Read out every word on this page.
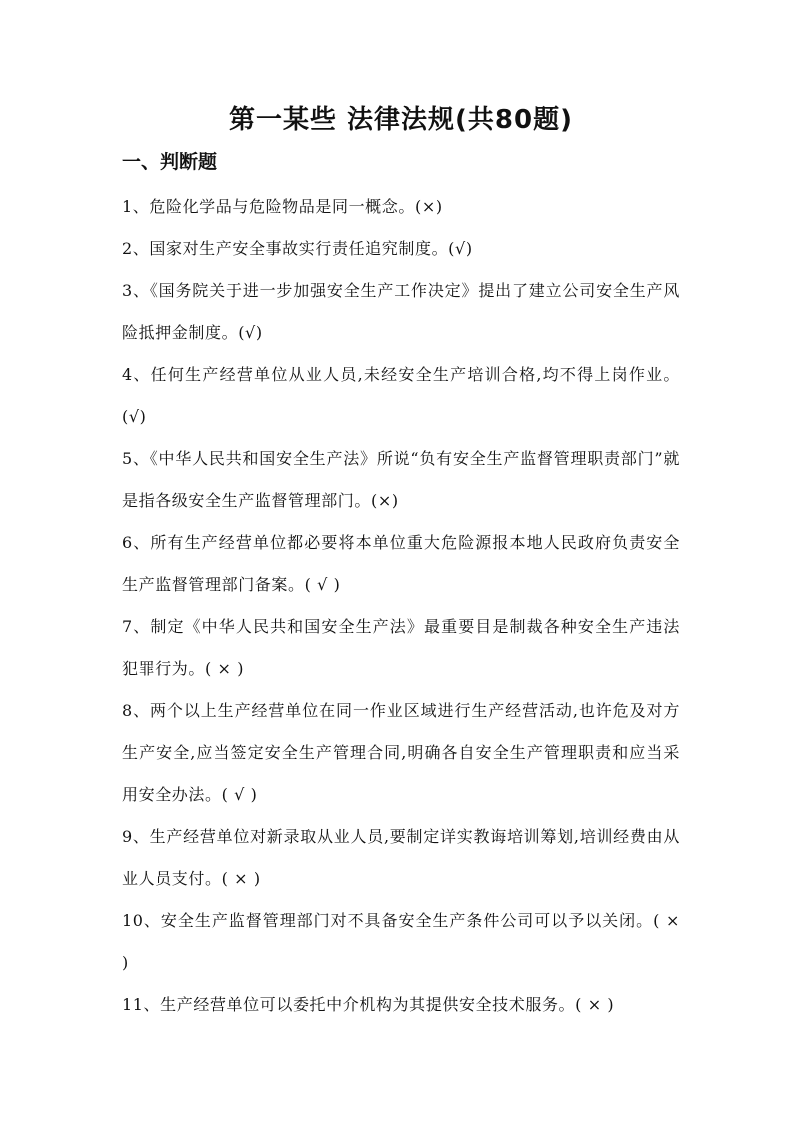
第一某些 法律法规(共80题)
一、判断题

1、危险化学品与危险物品是同一概念。(×)

2、国家对生产安全事故实行责任追究制度。(√)

3、《国务院关于进一步加强安全生产工作决定》提出了建立公司安全生产风险抵押金制度。(√)

4、任何生产经营单位从业人员,未经安全生产培训合格,均不得上岗作业。(√)

5、《中华人民共和国安全生产法》所说“负有安全生产监督管理职责部门”就是指各级安全生产监督管理部门。(×)

6、所有生产经营单位都必要将本单位重大危险源报本地人民政府负责安全生产监督管理部门备案。( √ )

7、制定《中华人民共和国安全生产法》最重要目是制裁各种安全生产违法犯罪行为。( × )

8、两个以上生产经营单位在同一作业区域进行生产经营活动,也许危及对方生产安全,应当签定安全生产管理合同,明确各自安全生产管理职责和应当采用安全办法。( √ )

9、生产经营单位对新录取从业人员,要制定详实教诲培训筹划,培训经费由从业人员支付。( × )

10、安全生产监督管理部门对不具备安全生产条件公司可以予以关闭。( × )

11、生产经营单位可以委托中介机构为其提供安全技术服务。( × )
